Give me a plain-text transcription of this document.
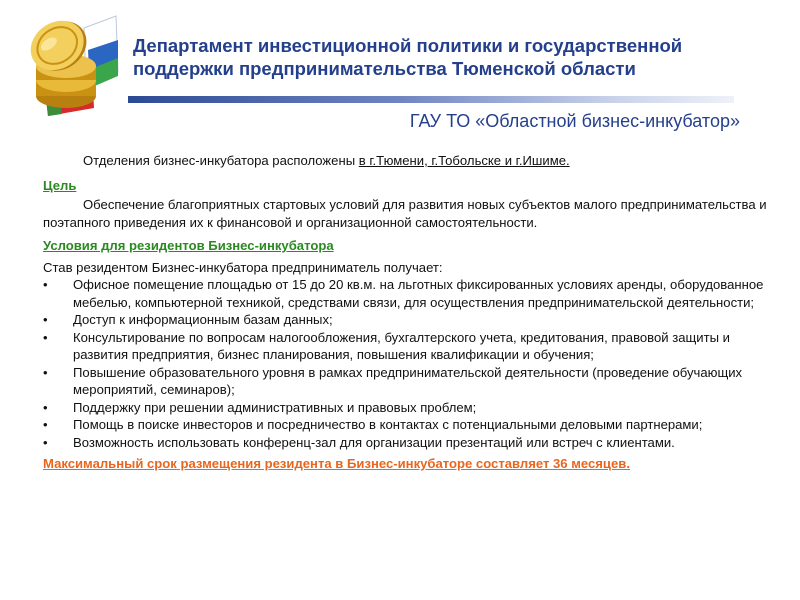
Департамент инвестиционной политики и государственной поддержки предпринимательства Тюменской области
ГАУ ТО «Областной бизнес-инкубатор»

Отделения бизнес-инкубатора расположены в г.Тюмени, г.Тобольске и г.Ишиме.

Цель

Обеспечение благоприятных стартовых условий для развития новых субъектов малого предпринимательства и поэтапного приведения их к финансовой и организационной самостоятельности.

Условия для резидентов Бизнес-инкубатора

Став резидентом Бизнес-инкубатора предприниматель получает:

• Офисное помещение площадью от 15 до 20 кв.м. на льготных фиксированных условиях аренды, оборудованное мебелью, компьютерной техникой, средствами связи, для осуществления предпринимательской деятельности;
• Доступ к информационным базам данных;
• Консультирование по вопросам налогообложения, бухгалтерского учета, кредитования, правовой защиты и развития предприятия, бизнес планирования, повышения квалификации и обучения;
• Повышение образовательного уровня в рамках предпринимательской деятельности (проведение обучающих мероприятий, семинаров);
• Поддержку при решении административных и правовых проблем;
• Помощь в поиске инвесторов и посредничество в контактах с потенциальными деловыми партнерами;
• Возможность использовать конференц-зал для организации презентаций или встреч с клиентами.

Максимальный срок размещения резидента в Бизнес-инкубаторе составляет 36 месяцев.
